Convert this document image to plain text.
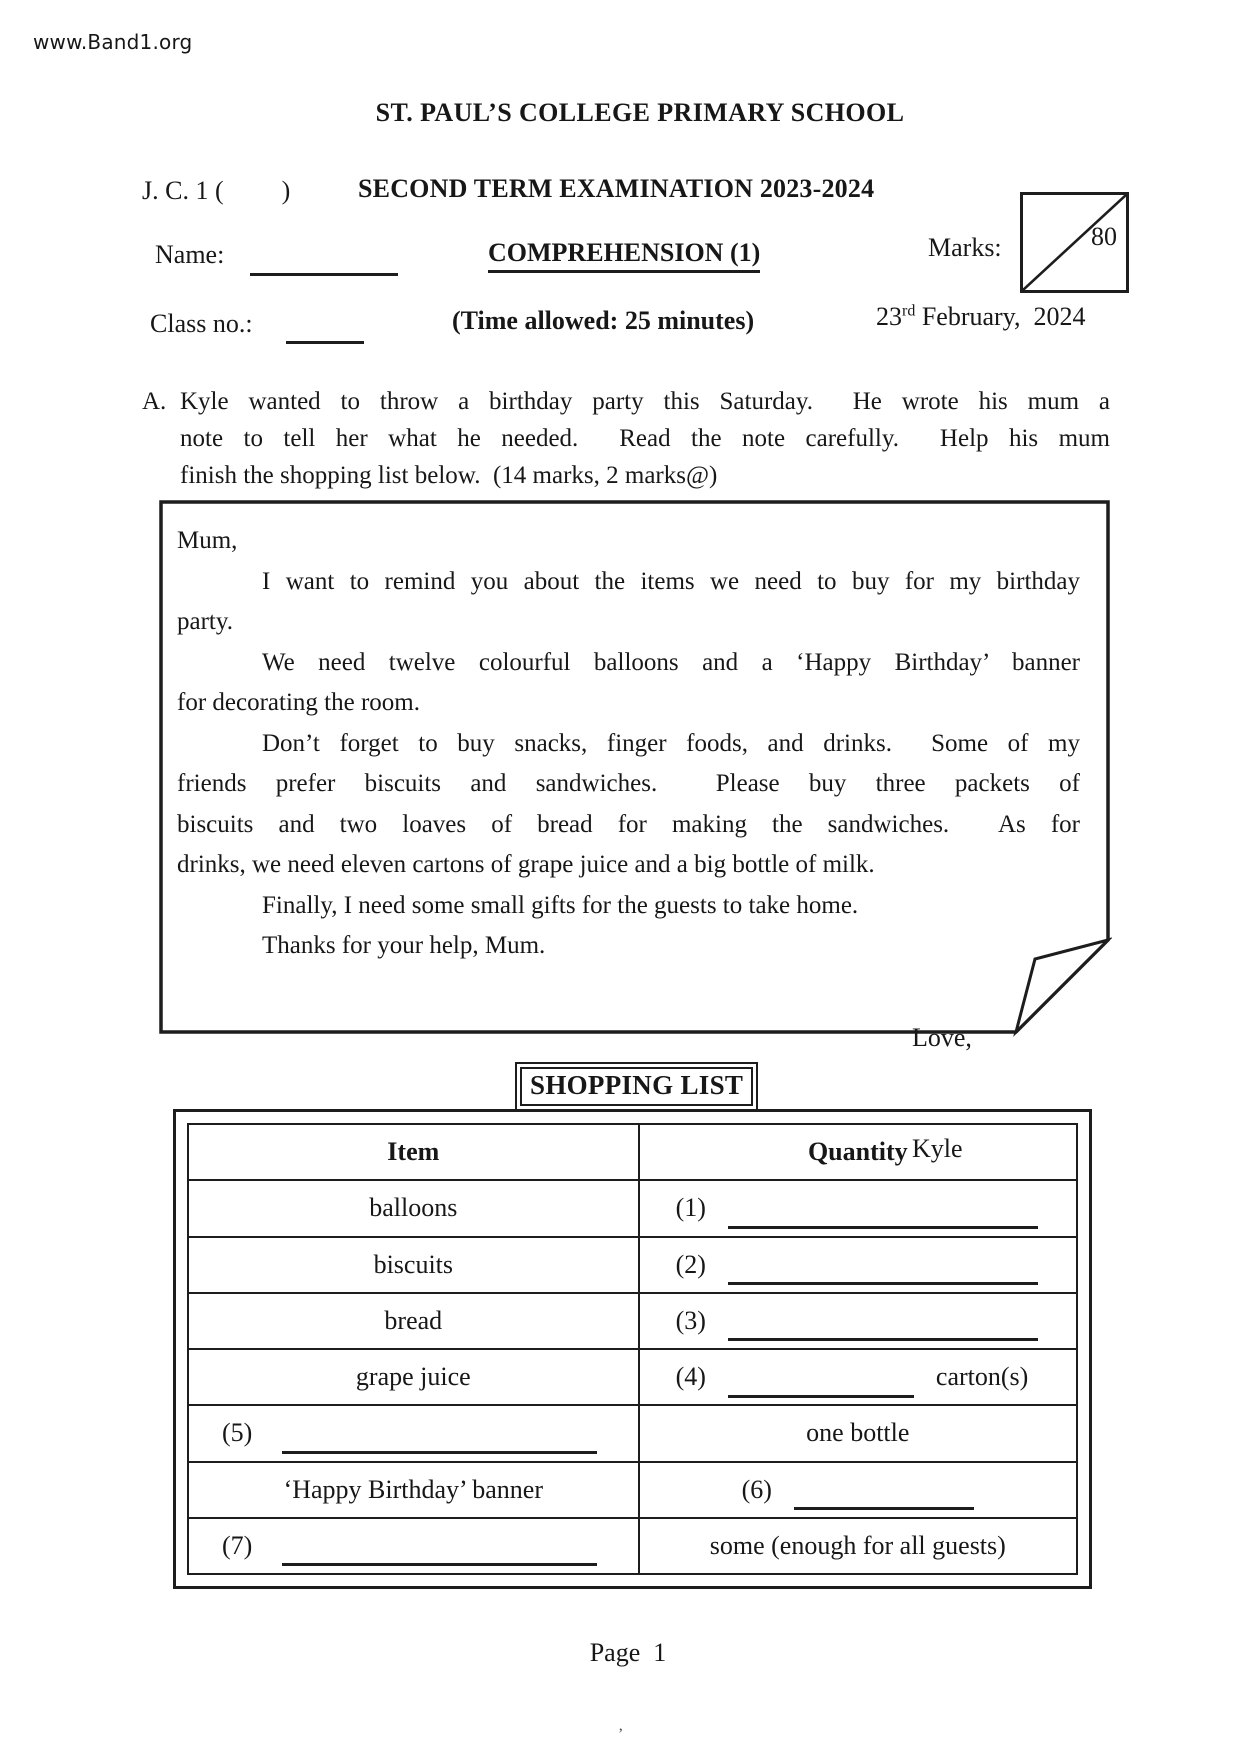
www.Band1.org
ST. PAUL’S COLLEGE PRIMARY SCHOOL
J. C. 1 ( )	SECOND TERM EXAMINATION 2023-2024
Name:	COMPREHENSION (1)	Marks:	80
Class no.:	(Time allowed: 25 minutes)	23rd February,  2024
A. Kyle wanted to throw a birthday party this Saturday.  He wrote his mum a
note to tell her what he needed.  Read the note carefully.  Help his mum
finish the shopping list below.  (14 marks, 2 marks@)
Mum,
I want to remind you about the items we need to buy for my birthday
party.
We need twelve colourful balloons and a ‘Happy Birthday’ banner
for decorating the room.
Don’t forget to buy snacks, finger foods, and drinks.  Some of my
friends prefer biscuits and sandwiches.  Please buy three packets of
biscuits and two loaves of bread for making the sandwiches.  As for
drinks, we need eleven cartons of grape juice and a big bottle of milk.
Finally, I need some small gifts for the guests to take home.
Thanks for your help, Mum.

Love,

Kyle

SHOPPING LIST
Item	Quantity
balloons	(1)
biscuits	(2)
bread	(3)
grape juice	(4)	carton(s)
(5)	one bottle
‘Happy Birthday’ banner	(6)
(7)	some (enough for all guests)
Page  1
’
